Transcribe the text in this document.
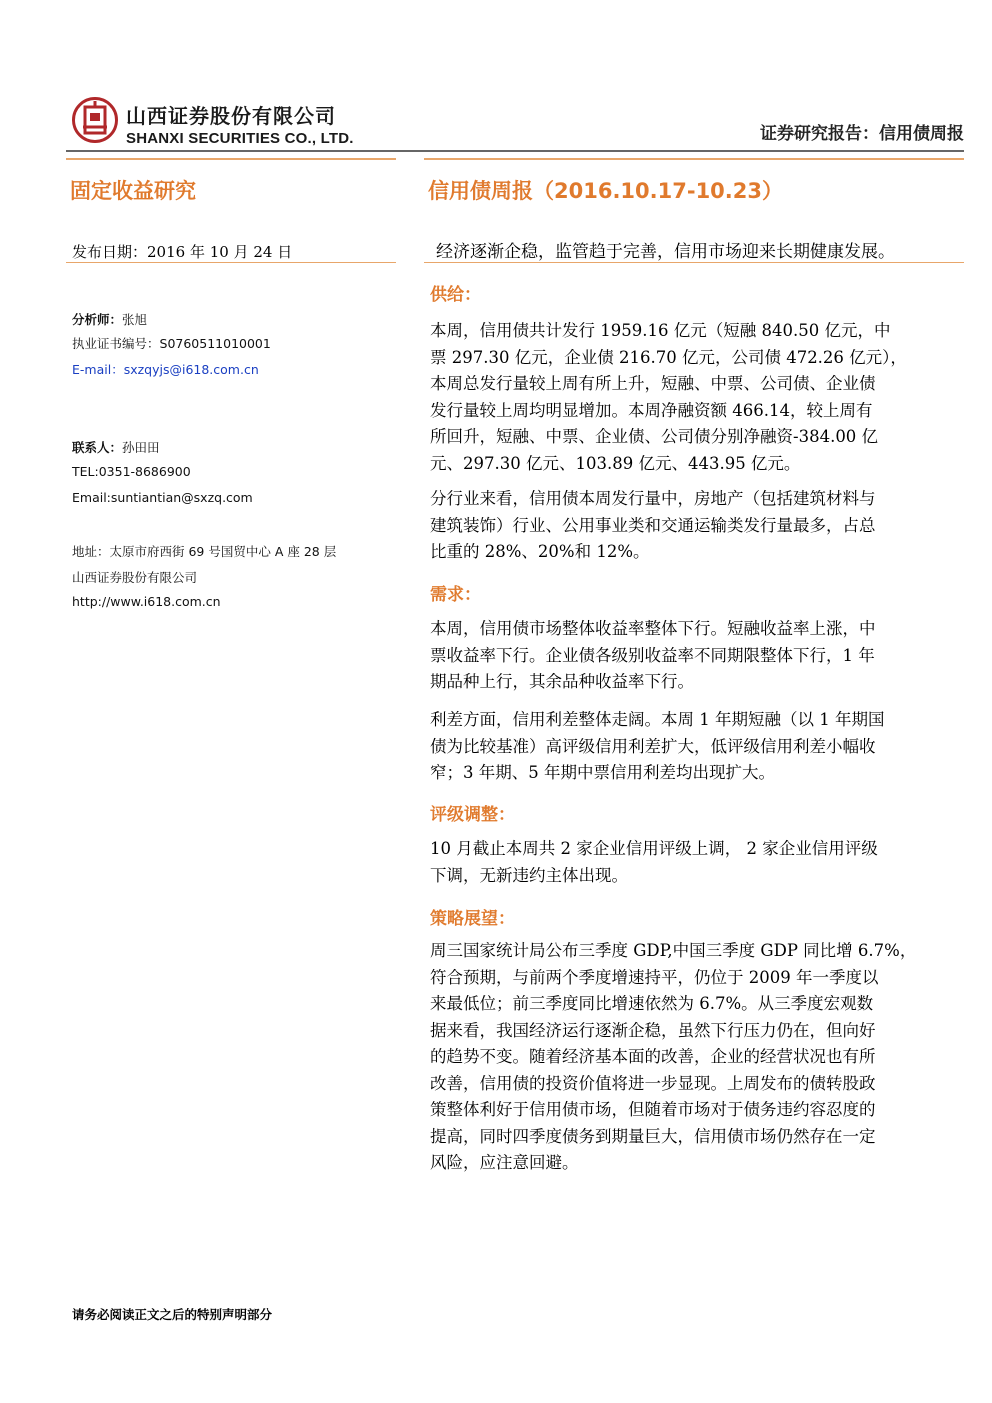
山西证券股份有限公司
SHANXI SECURITIES CO., LTD.	证券研究报告：信用债周报
固定收益研究	信用债周报（2016.10.17-10.23）
发布日期：2016 年 10 月 24 日	经济逐渐企稳，监管趋于完善，信用市场迎来长期健康发展。
分析师：张旭
执业证书编号：S0760511010001
E-mail：sxzqyjs@i618.com.cn
联系人：孙田田
TEL:0351-8686900
Email:suntiantian@sxzq.com
地址：太原市府西街 69 号国贸中心 A 座 28 层
山西证券股份有限公司
http://www.i618.com.cn
供给：
本周，信用债共计发行 1959.16 亿元（短融 840.50 亿元，中
票 297.30 亿元，企业债 216.70 亿元，公司债 472.26 亿元），
本周总发行量较上周有所上升，短融、中票、公司债、企业债
发行量较上周均明显增加。本周净融资额 466.14，较上周有
所回升，短融、中票、企业债、公司债分别净融资-384.00 亿
元、297.30 亿元、103.89 亿元、443.95 亿元。
分行业来看，信用债本周发行量中，房地产（包括建筑材料与
建筑装饰）行业、公用事业类和交通运输类发行量最多，占总
比重的 28%、20%和 12%。
需求：
本周，信用债市场整体收益率整体下行。短融收益率上涨，中
票收益率下行。企业债各级别收益率不同期限整体下行，1 年
期品种上行，其余品种收益率下行。
利差方面，信用利差整体走阔。本周 1 年期短融（以 1 年期国
债为比较基准）高评级信用利差扩大，低评级信用利差小幅收
窄；3 年期、5 年期中票信用利差均出现扩大。
评级调整：
10 月截止本周共 2 家企业信用评级上调， 2 家企业信用评级
下调，无新违约主体出现。
策略展望：
周三国家统计局公布三季度 GDP,中国三季度 GDP 同比增 6.7%，
符合预期，与前两个季度增速持平，仍位于 2009 年一季度以
来最低位；前三季度同比增速依然为 6.7%。从三季度宏观数
据来看，我国经济运行逐渐企稳，虽然下行压力仍在，但向好
的趋势不变。随着经济基本面的改善，企业的经营状况也有所
改善，信用债的投资价值将进一步显现。上周发布的债转股政
策整体利好于信用债市场，但随着市场对于债务违约容忍度的
提高，同时四季度债务到期量巨大，信用债市场仍然存在一定
风险，应注意回避。
请务必阅读正文之后的特别声明部分
